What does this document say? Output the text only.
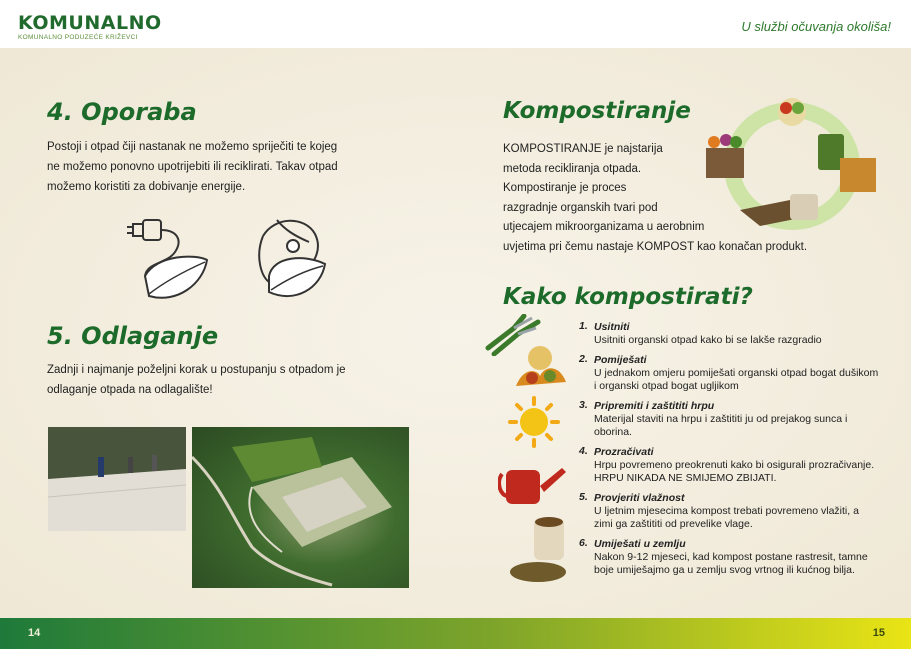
KOMUNALNO
KOMUNALNO PODUZEĆE KRIŽEVCI
U službi očuvanja okoliša!
4. Oporaba
Postoji i otpad čiji nastanak ne možemo spriječiti te kojeg
ne možemo ponovno upotrijebiti ili reciklirati. Takav otpad
možemo koristiti za dobivanje energije.
5. Odlaganje
Zadnji i najmanje poželjni korak u postupanju s otpadom je
odlaganje otpada na odlagalište!
Kompostiranje
KOMPOSTIRANJE je najstarija
metoda recikliranja otpada.
Kompostiranje je proces
razgradnje organskih tvari pod
utjecajem mikroorganizama u aerobnim
uvjetima pri čemu nastaje KOMPOST kao konačan produkt.
Kako kompostirati?
1. Usitniti
Usitniti organski otpad kako bi se lakše razgradio
2. Pomiješati
U jednakom omjeru pomiješati organski otpad bogat dušikom i organski otpad bogat ugljikom
3. Pripremiti i zaštititi hrpu
Materijal staviti na hrpu i zaštititi ju od prejakog sunca i oborina.
4. Prozračivati
Hrpu povremeno preokrenuti kako bi osigurali prozračivanje. HRPU NIKADA NE SMIJEMO ZBIJATI.
5. Provjeriti vlažnost
U ljetnim mjesecima kompost trebati povremeno vlažiti, a zimi ga zaštititi od prevelike vlage.
6. Umiješati u zemlju
Nakon 9-12 mjeseci, kad kompost postane rastresit, tamne boje umiješajmo ga u zemlju svog vrtnog ili kućnog bilja.
14	15
